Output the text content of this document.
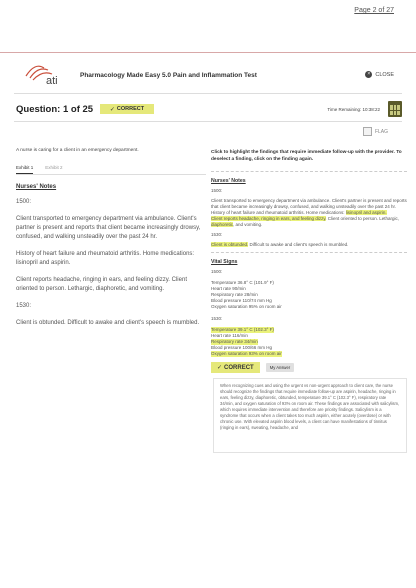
Page 2 of 27
ati	Pharmacology Made Easy 5.0 Pain and Inflammation Test	× CLOSE
Question: 1 of 25	✓ CORRECT	Time Remaining: 10:38:22
FLAG
A nurse is caring for a client in an emergency department.
Exhibit 1	Exhibit 2
Nurses' Notes

1500:

Client transported to emergency department via ambulance. Client's partner is present and reports that client became increasingly drowsy, confused, and walking unsteadily over the past 24 hr.

History of heart failure and rheumatoid arthritis. Home medications: lisinopril and aspirin.

Client reports headache, ringing in ears, and feeling dizzy. Client oriented to person. Lethargic, diaphoretic, and vomiting.

1530:

Client is obtunded. Difficult to awake and client's speech is mumbled.

Click to highlight the findings that require immediate follow-up with the provider. To deselect a finding, click on the finding again.
Nurses' Notes
1500:
Client transported to emergency department via ambulance. Client's partner is present and reports that client became increasingly drowsy, confused, and walking unsteadily over the past 24 hr.
History of heart failure and rheumatoid arthritis. Home medications: lisinopril and aspirin.
Client reports headache, ringing in ears, and feeling dizzy. Client oriented to person. Lethargic, diaphoretic, and vomiting.
1530:
Client is obtunded. Difficult to awake and client's speech is mumbled.
Vital Signs
1500:
Temperature 36.8° C (101.9° F)
Heart rate 90/min
Respiratory rate 28/min
Blood pressure 110/74 mm Hg
Oxygen saturation 95% on room air
1530:
Temperature 39.1° C (102.3° F)
Heart rate 116/min
Respiratory rate 34/min
Blood pressure 100/66 mm Hg
Oxygen saturation 93% on room air
✓ CORRECT	My Answer
When recognizing cues and using the urgent vs non-urgent approach to client care, the nurse should recognize the findings that require immediate follow-up are aspirin, headache, ringing in ears, feeling dizzy, diaphoretic, obtunded, temperature 39.1° C (102.3° F), respiratory rate 34/min, and oxygen saturation of 93% on room air. These findings are associated with salicylism, which requires immediate intervention and therefore are priority findings. Salicylism is a syndrome that occurs when a client takes too much aspirin, either acutely (overdose) or with chronic use. With elevated aspirin blood levels, a client can have manifestations of tinnitus (ringing in ears), sweating, headache, and
